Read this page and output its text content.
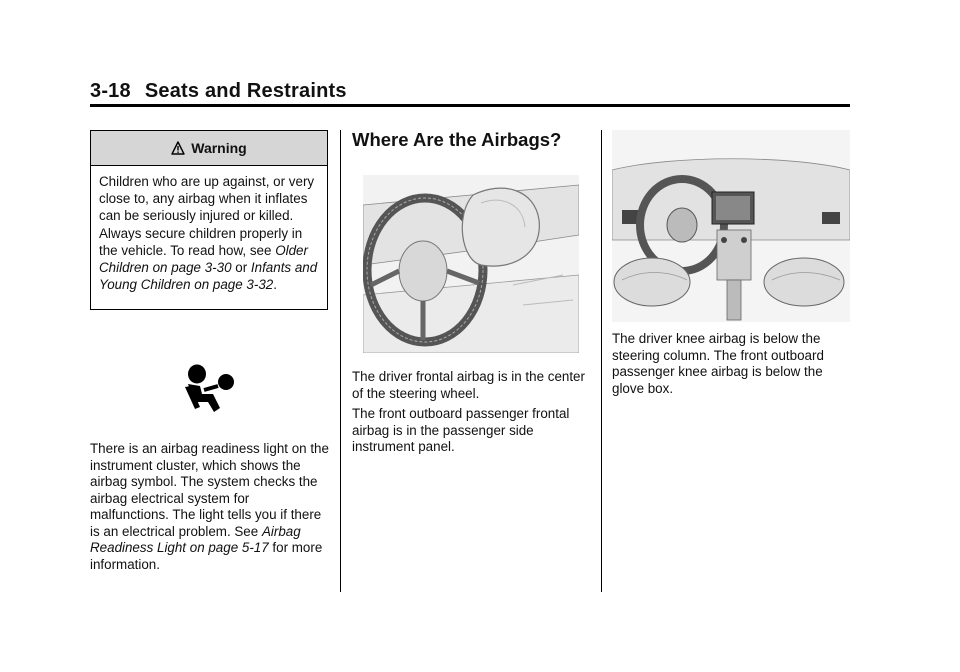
3-18 Seats and Restraints
Warning
Children who are up against, or very close to, any airbag when it inflates can be seriously injured or killed. Always secure children properly in the vehicle. To read how, see Older Children on page 3-30 or Infants and Young Children on page 3-32.

There is an airbag readiness light on the instrument cluster, which shows the airbag symbol. The system checks the airbag electrical system for malfunctions. The light tells you if there is an electrical problem. See Airbag Readiness Light on page 5-17 for more information.

Where Are the Airbags?

The driver frontal airbag is in the center of the steering wheel.

The front outboard passenger frontal airbag is in the passenger side instrument panel.

The driver knee airbag is below the steering column. The front outboard passenger knee airbag is below the glove box.
